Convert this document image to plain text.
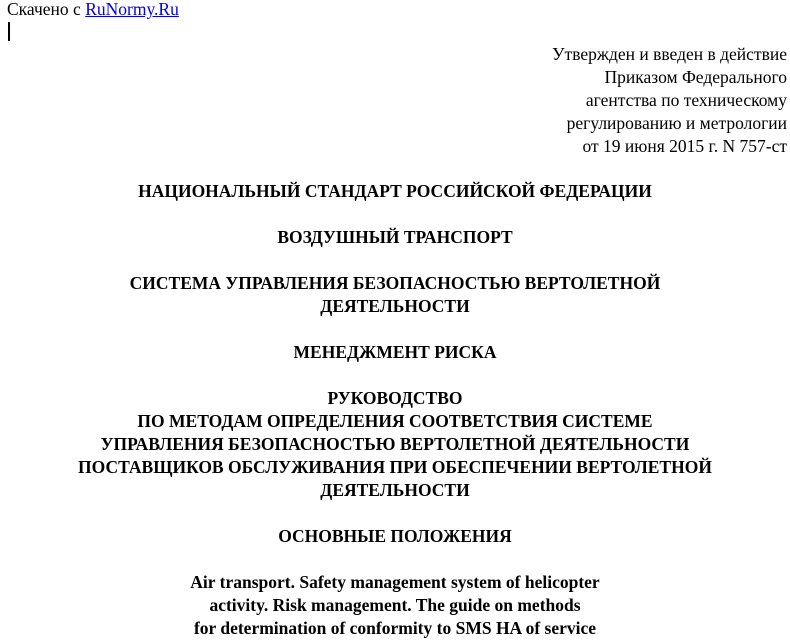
Скачено с RuNormy.Ru
Утвержден и введен в действие
Приказом Федерального
агентства по техническому
регулированию и метрологии
от 19 июня 2015 г. N 757-ст
НАЦИОНАЛЬНЫЙ СТАНДАРТ РОССИЙСКОЙ ФЕДЕРАЦИИ
ВОЗДУШНЫЙ ТРАНСПОРТ
СИСТЕМА УПРАВЛЕНИЯ БЕЗОПАСНОСТЬЮ ВЕРТОЛЕТНОЙ
ДЕЯТЕЛЬНОСТИ
МЕНЕДЖМЕНТ РИСКА
РУКОВОДСТВО
ПО МЕТОДАМ ОПРЕДЕЛЕНИЯ СООТВЕТСТВИЯ СИСТЕМЕ
УПРАВЛЕНИЯ БЕЗОПАСНОСТЬЮ ВЕРТОЛЕТНОЙ ДЕЯТЕЛЬНОСТИ
ПОСТАВЩИКОВ ОБСЛУЖИВАНИЯ ПРИ ОБЕСПЕЧЕНИИ ВЕРТОЛЕТНОЙ
ДЕЯТЕЛЬНОСТИ
ОСНОВНЫЕ ПОЛОЖЕНИЯ
Air transport. Safety management system of helicopter
activity. Risk management. The guide on methods
for determination of conformity to SMS HA of service
